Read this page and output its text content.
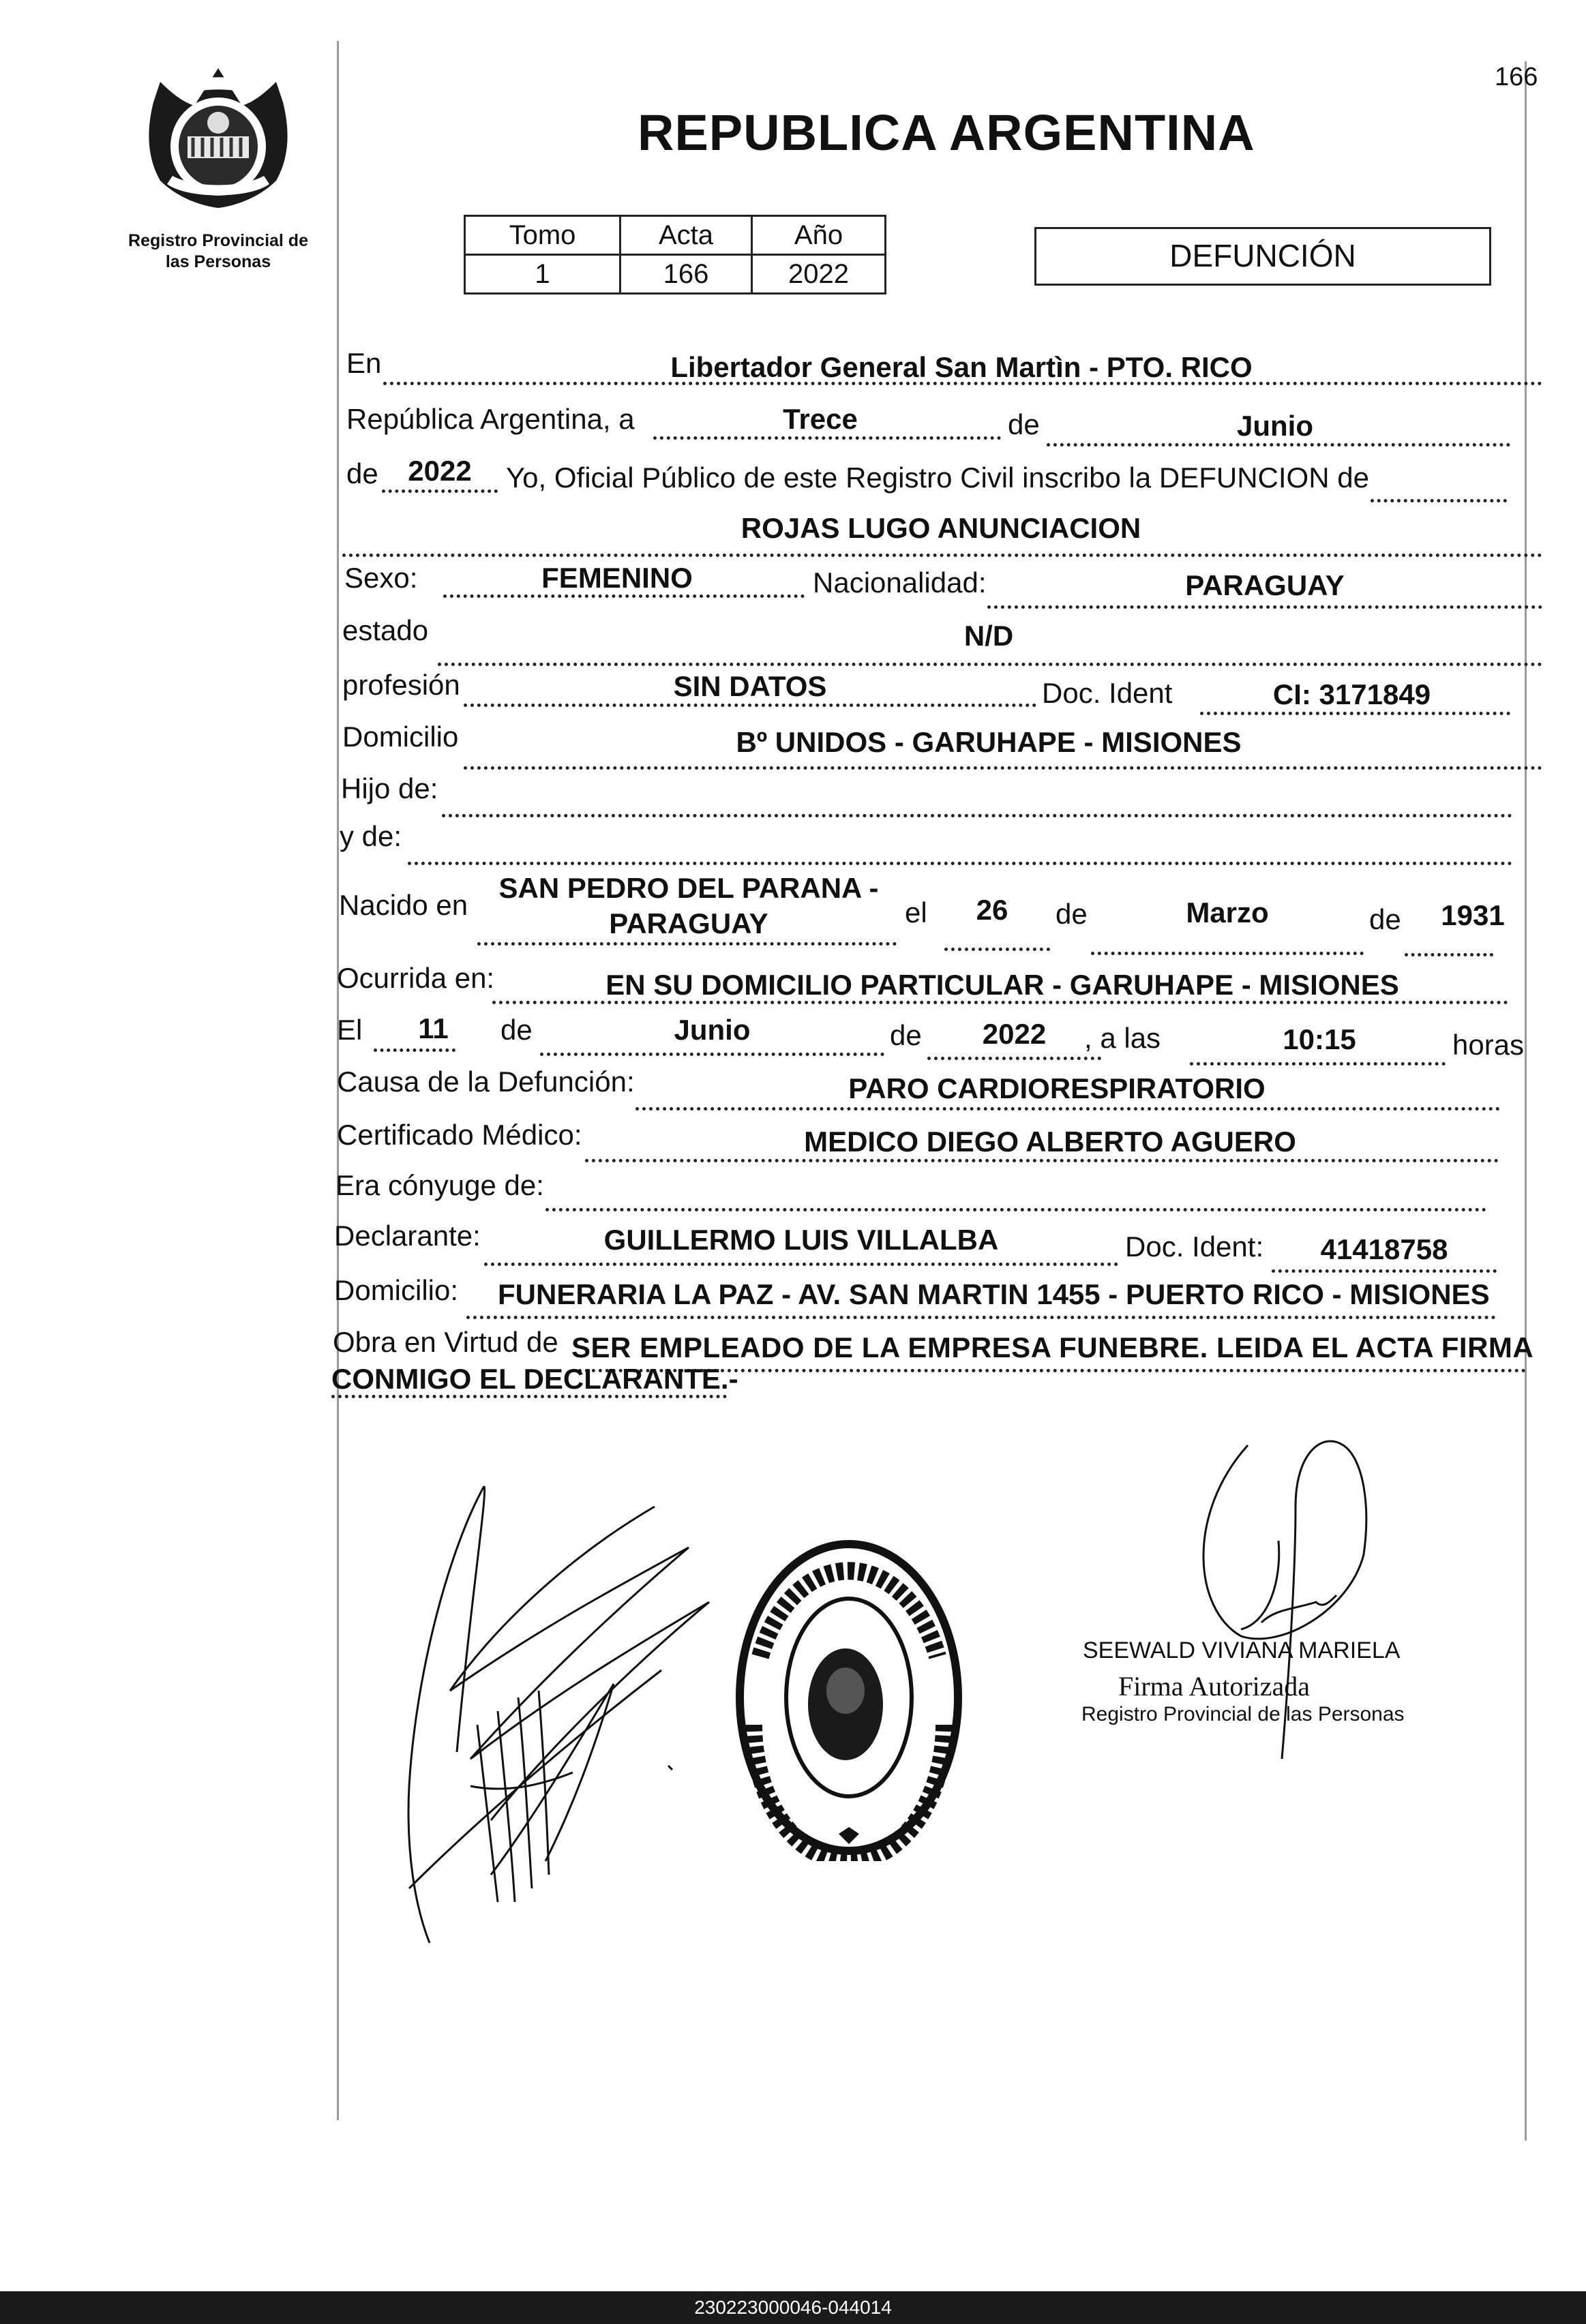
Registro Provincial de las Personas
166
REPUBLICA ARGENTINA
Tomo	Acta	Año
1	166	2022
DEFUNCIÓN
En	Libertador General San Martìn - PTO. RICO
República Argentina, a	Trece	de	Junio
de	2022	Yo, Oficial Público de este Registro Civil inscribo la DEFUNCION de
ROJAS LUGO ANUNCIACION
Sexo:	FEMENINO	Nacionalidad:	PARAGUAY
estado	N/D
profesión	SIN DATOS	Doc. Ident	CI: 3171849
Domicilio	Bº UNIDOS - GARUHAPE - MISIONES
Hijo de:
y de:
Nacido en
SAN PEDRO DEL PARANA -
PARAGUAY	el	26	de	Marzo	de	1931
Ocurrida en:	EN SU DOMICILIO PARTICULAR - GARUHAPE - MISIONES
El	11	de	Junio	de	2022	, a las	10:15	horas
Causa de la Defunción:	PARO CARDIORESPIRATORIO
Certificado Médico:	MEDICO DIEGO ALBERTO AGUERO
Era cónyuge de:
Declarante:	GUILLERMO LUIS VILLALBA	Doc. Ident:	41418758
Domicilio: FUNERARIA LA PAZ - AV. SAN MARTIN 1455 - PUERTO RICO - MISIONES
Obra en Virtud de SER EMPLEADO DE LA EMPRESA FUNEBRE. LEIDA EL ACTA FIRMA
CONMIGO EL DECLARANTE.-
SEEWALD VIVIANA MARIELA
Firma Autorizada
Registro Provincial de las Personas
230223000046-044014
